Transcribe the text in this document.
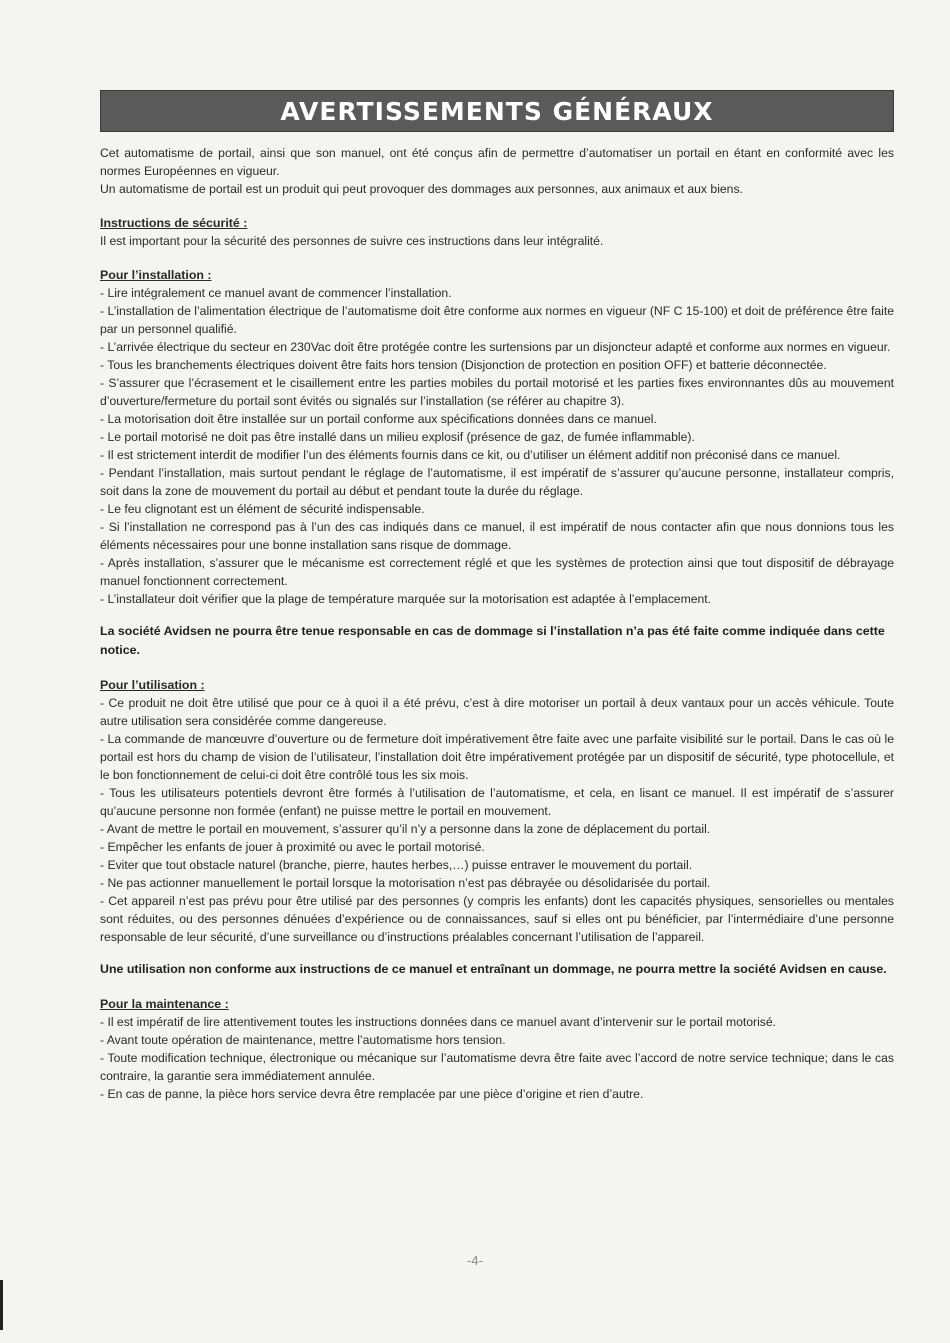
AVERTISSEMENTS GÉNÉRAUX

Cet automatisme de portail, ainsi que son manuel, ont été conçus afin de permettre d’automatiser un portail en étant en conformité avec les normes Européennes en vigueur.

Un automatisme de portail est un produit qui peut provoquer des dommages aux personnes, aux animaux et aux biens.

Instructions de sécurité :

Il est important pour la sécurité des personnes de suivre ces instructions dans leur intégralité.

Pour l’installation :

- Lire intégralement ce manuel avant de commencer l’installation.
- L’installation de l’alimentation électrique de l’automatisme doit être conforme aux normes en vigueur (NF C 15-100) et doit de préférence être faite par un personnel qualifié.
- L’arrivée électrique du secteur en 230Vac doit être protégée contre les surtensions par un disjoncteur adapté et conforme aux normes en vigueur.
- Tous les branchements électriques doivent être faits hors tension (Disjonction de protection en position OFF) et batterie déconnectée.
- S’assurer que l’écrasement et le cisaillement entre les parties mobiles du portail motorisé et les parties fixes environnantes dûs au mouvement d’ouverture/fermeture du portail sont évités ou signalés sur l’installation (se référer au chapitre 3).
- La motorisation doit être installée sur un portail conforme aux spécifications données dans ce manuel.
- Le portail motorisé ne doit pas être installé dans un milieu explosif (présence de gaz, de fumée inflammable).
- Il est strictement interdit de modifier l’un des éléments fournis dans ce kit, ou d’utiliser un élément additif non préconisé dans ce manuel.
- Pendant l’installation, mais surtout pendant le réglage de l’automatisme, il est impératif de s’assurer qu’aucune personne, installateur compris, soit dans la zone de mouvement du portail au début et pendant toute la durée du réglage.
- Le feu clignotant est un élément de sécurité indispensable.
- Si l’installation ne correspond pas à l’un des cas indiqués dans ce manuel, il est impératif de nous contacter afin que nous donnions tous les éléments nécessaires pour une bonne installation sans risque de dommage.
- Après installation, s’assurer que le mécanisme est correctement réglé et que les systèmes de protection ainsi que tout dispositif de débrayage manuel fonctionnent correctement.
- L’installateur doit vérifier que la plage de température marquée sur la motorisation est adaptée à l’emplacement.

La société Avidsen ne pourra être tenue responsable en cas de dommage si l’installation n’a pas été faite comme indiquée dans cette notice.

Pour l’utilisation :

- Ce produit ne doit être utilisé que pour ce à quoi il a été prévu, c’est à dire motoriser un portail à deux vantaux pour un accès véhicule. Toute autre utilisation sera considérée comme dangereuse.
- La commande de manœuvre d’ouverture ou de fermeture doit impérativement être faite avec une parfaite visibilité sur le portail. Dans le cas où le portail est hors du champ de vision de l’utilisateur, l’installation doit être impérativement protégée par un dispositif de sécurité, type photocellule, et le bon fonctionnement de celui-ci doit être contrôlé tous les six mois.
- Tous les utilisateurs potentiels devront être formés à l’utilisation de l’automatisme, et cela, en lisant ce manuel. Il est impératif de s’assurer qu’aucune personne non formée (enfant) ne puisse mettre le portail en mouvement.
- Avant de mettre le portail en mouvement, s’assurer qu’il n’y a personne dans la zone de déplacement du portail.
- Empêcher les enfants de jouer à proximité ou avec le portail motorisé.
- Eviter que tout obstacle naturel (branche, pierre, hautes herbes,…) puisse entraver le mouvement du portail.
- Ne pas actionner manuellement le portail lorsque la motorisation n’est pas débrayée ou désolidarisée du portail.
- Cet appareil n’est pas prévu pour être utilisé par des personnes (y compris les enfants) dont les capacités physiques, sensorielles ou mentales sont réduites, ou des personnes dénuées d’expérience ou de connaissances, sauf si elles ont pu bénéficier, par l’intermédiaire d’une personne responsable de leur sécurité, d’une surveillance ou d’instructions préalables concernant l’utilisation de l’appareil.

Une utilisation non conforme aux instructions de ce manuel et entraînant un dommage, ne pourra mettre la société Avidsen en cause.

Pour la maintenance :

- Il est impératif de lire attentivement toutes les instructions données dans ce manuel avant d’intervenir sur le portail motorisé.
- Avant toute opération de maintenance, mettre l’automatisme hors tension.
- Toute modification technique, électronique ou mécanique sur l’automatisme devra être faite avec l’accord de notre service technique; dans le cas contraire, la garantie sera immédiatement annulée.
- En cas de panne, la pièce hors service devra être remplacée par une pièce d’origine et rien d’autre.
-4-
